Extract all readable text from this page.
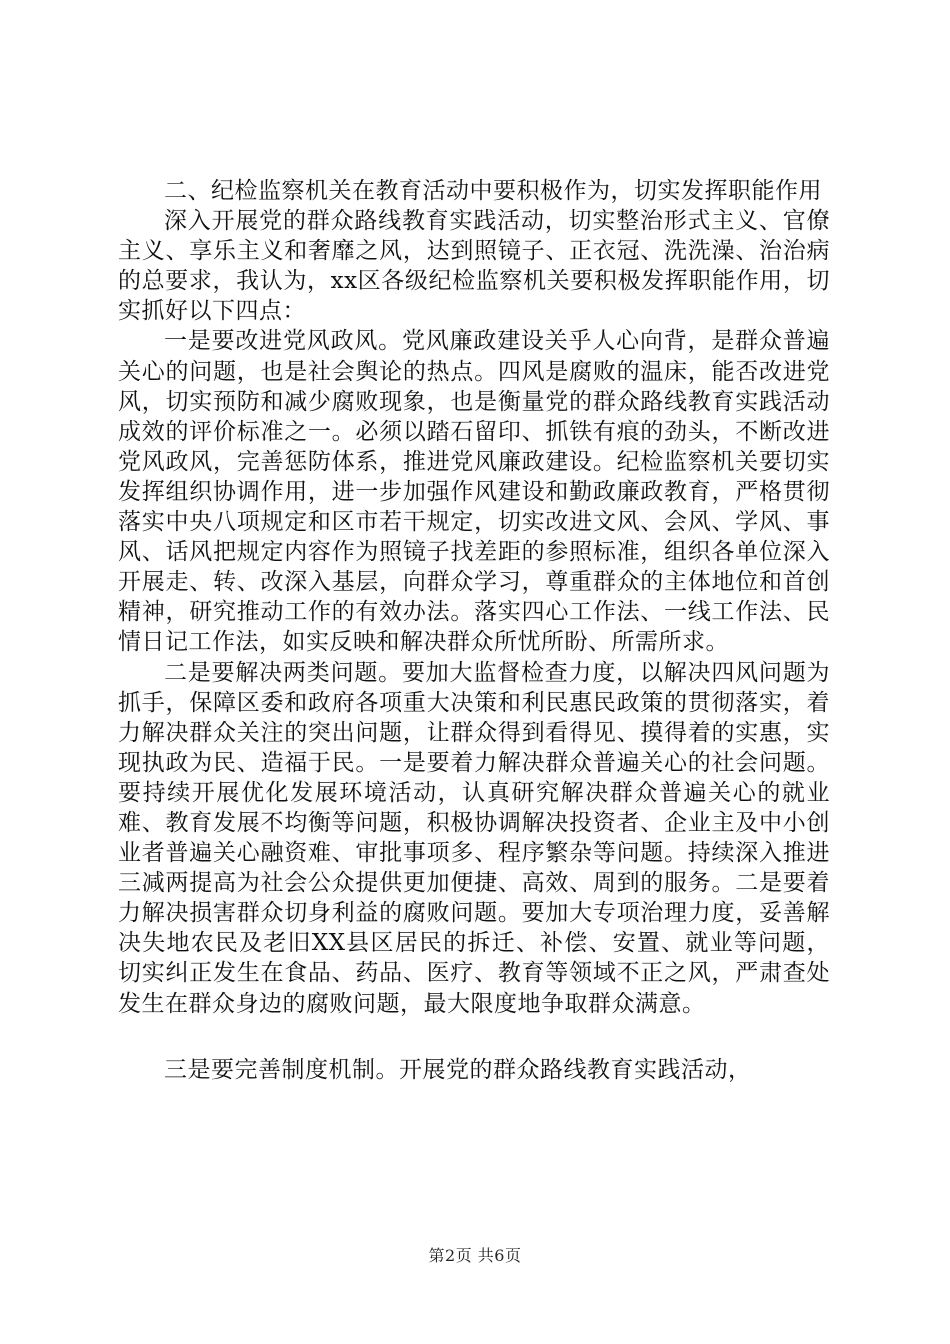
二、纪检监察机关在教育活动中要积极作为，切实发挥职能作用

深入开展党的群众路线教育实践活动，切实整治形式主义、官僚主义、享乐主义和奢靡之风，达到照镜子、正衣冠、洗洗澡、治治病的总要求，我认为，xx区各级纪检监察机关要积极发挥职能作用，切实抓好以下四点：

一是要改进党风政风。党风廉政建设关乎人心向背，是群众普遍关心的问题，也是社会舆论的热点。四风是腐败的温床，能否改进党风，切实预防和减少腐败现象，也是衡量党的群众路线教育实践活动成效的评价标准之一。必须以踏石留印、抓铁有痕的劲头，不断改进党风政风，完善惩防体系，推进党风廉政建设。纪检监察机关要切实发挥组织协调作用，进一步加强作风建设和勤政廉政教育，严格贯彻落实中央八项规定和区市若干规定，切实改进文风、会风、学风、事风、话风把规定内容作为照镜子找差距的参照标准，组织各单位深入开展走、转、改深入基层，向群众学习，尊重群众的主体地位和首创精神，研究推动工作的有效办法。落实四心工作法、一线工作法、民情日记工作法，如实反映和解决群众所忧所盼、所需所求。

二是要解决两类问题。要加大监督检查力度，以解决四风问题为抓手，保障区委和政府各项重大决策和利民惠民政策的贯彻落实，着力解决群众关注的突出问题，让群众得到看得见、摸得着的实惠，实现执政为民、造福于民。一是要着力解决群众普遍关心的社会问题。要持续开展优化发展环境活动，认真研究解决群众普遍关心的就业难、教育发展不均衡等问题，积极协调解决投资者、企业主及中小创业者普遍关心融资难、审批事项多、程序繁杂等问题。持续深入推进三减两提高为社会公众提供更加便捷、高效、周到的服务。二是要着力解决损害群众切身利益的腐败问题。要加大专项治理力度，妥善解决失地农民及老旧XX县区居民的拆迁、补偿、安置、就业等问题，切实纠正发生在食品、药品、医疗、教育等领域不正之风，严肃查处发生在群众身边的腐败问题，最大限度地争取群众满意。

三是要完善制度机制。开展党的群众路线教育实践活动，

第2页 共6页
